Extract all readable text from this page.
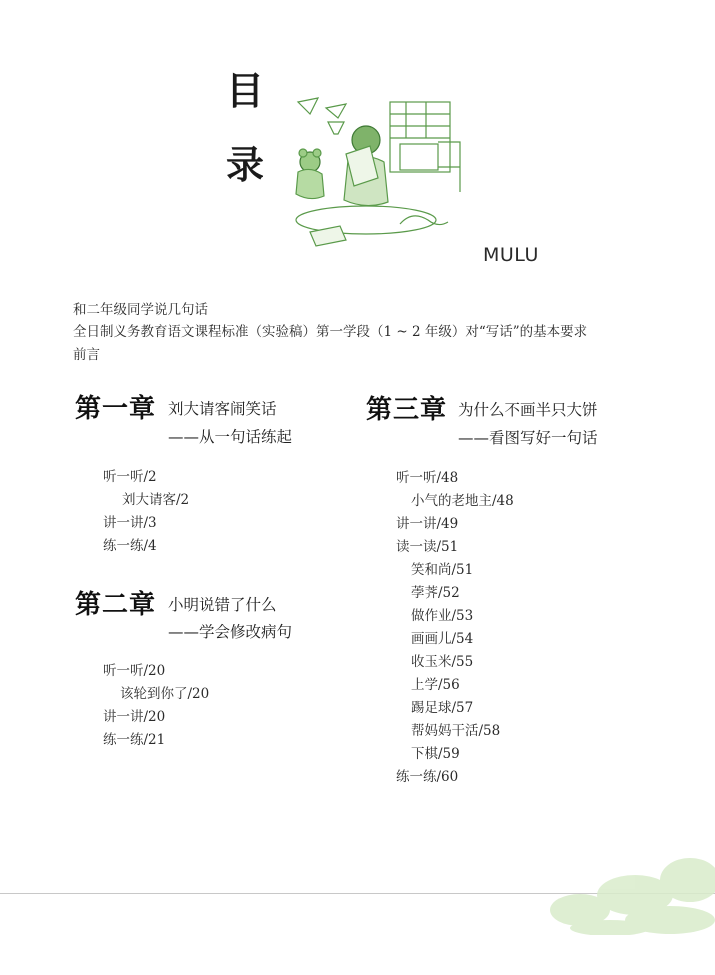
目
录
MULU
和二年级同学说几句话
全日制义务教育语文课程标准（实验稿）第一学段（1 ~ 2 年级）对“写话”的基本要求
前言
第一章 刘大请客闹笑话
——从一句话练起
听一听/2
刘大请客/2
讲一讲/3
练一练/4
第二章 小明说错了什么
——学会修改病句
听一听/20
该轮到你了/20
讲一讲/20
练一练/21
第三章 为什么不画半只大饼
——看图写好一句话
听一听/48
小气的老地主/48
讲一讲/49
读一读/51
笑和尚/51
荸荠/52
做作业/53
画画儿/54
收玉米/55
上学/56
踢足球/57
帮妈妈干活/58
下棋/59
练一练/60
